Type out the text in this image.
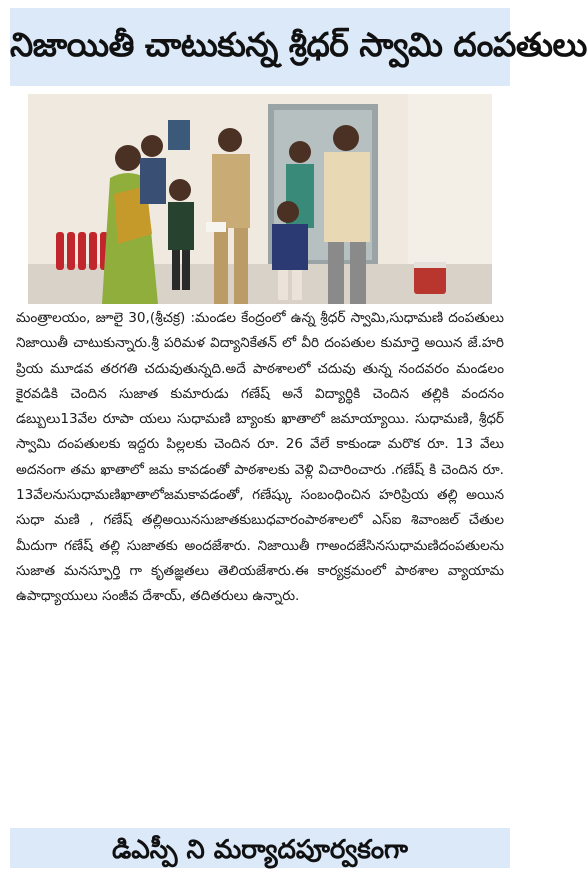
నిజాయితీ చాటుకున్న శ్రీధర్ స్వామి దంపతులు

మంత్రాలయం, జూలై 30,(శ్రీచక్ర) :మండల కేంద్రంలో ఉన్న శ్రీధర్ స్వామి,సుధామణి దంపతులు నిజాయితీ చాటుకున్నారు.శ్రీ పరిమళ విద్యానికేతన్ లో వీరి దంపతుల కుమార్తె అయిన జే.హరి ప్రియ మూడవ తరగతి చదువుతున్నది.అదే పాఠశాలలో చదువు తున్న నందవరం మండలం కైరవడికి చెందిన సుజాత కుమారుడు గణేష్ అనే విద్యార్థికి చెందిన తల్లికి వందనం డబ్బులు13వేల రూపా యలు సుధామణి బ్యాంకు ఖాతాలో జమాయ్యాయి. సుధామణి, శ్రీధర్ స్వామి దంపతులకు ఇద్దరు పిల్లలకు చెందిన రూ. 26 వేలే కాకుండా మరొక రూ. 13 వేలు అదనంగా తమ ఖాతాలో జమ కావడంతో పాఠశాలకు వెళ్లి విచారించారు .గణేష్ కి చెందిన రూ. 13వేలనుసుధామణిఖాతాలోజమకావడంతో, గణేష్కు సంబంధించిన హరిప్రియ తల్లి అయిన సుధా మణి , గణేష్ తల్లిఅయినసుజాతకుబుధవారంపాఠశాలలో ఎస్ఐ శివాంజల్ చేతుల మీదుగా గణేష్ తల్లి సుజాతకు అందజేశారు. నిజాయితీ గాఅందజేసినసుధామణిదంపతులను సుజాత మనస్ఫూర్తి గా కృతజ్ఞతలు తెలియజేశారు.ఈ కార్యక్రమంలో పాఠశాల వ్యాయామ ఉపాధ్యాయులు సంజీవ దేశాయ్, తదితరులు ఉన్నారు.

డిఎస్పీ ని మర్యాదపూర్వకంగా
